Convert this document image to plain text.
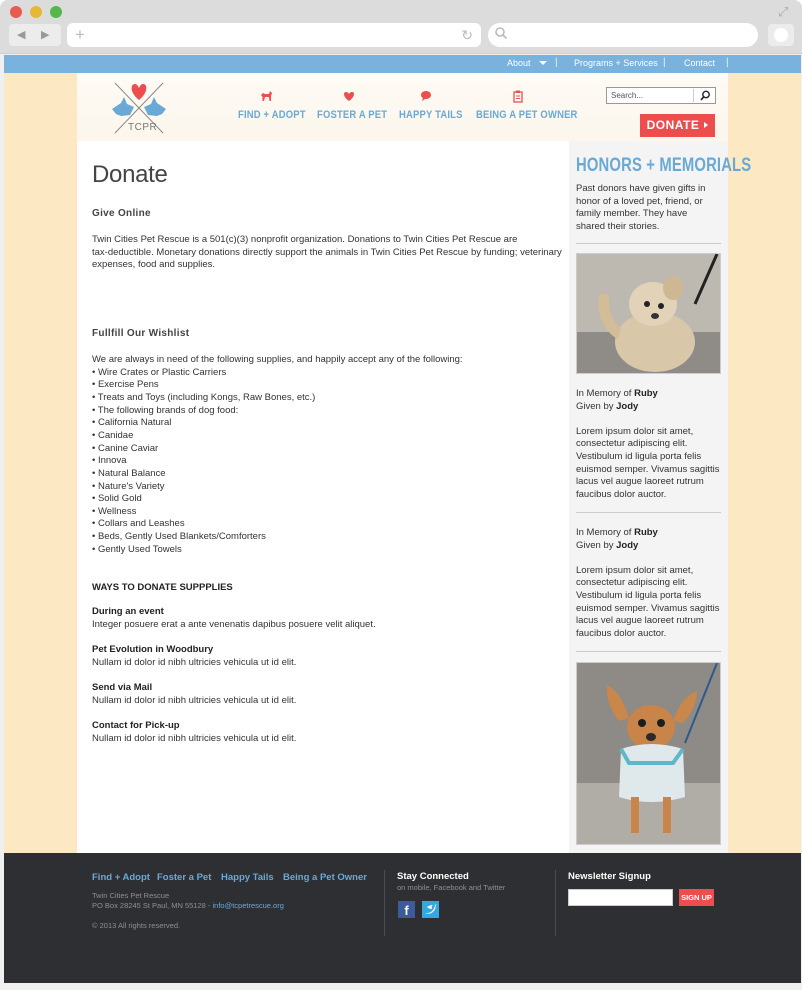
⤢
◀ ▶ +	↻
About	| Programs + Services | Contact |
TCPR
FIND + ADOPT FOSTER A PET HAPPY TAILS BEING A PET OWNER
Search...
DONATE
Donate
Give Online
Twin Cities Pet Rescue is a 501(c)(3) nonprofit organization. Donations to Twin Cities Pet Rescue are
tax-deductible. Monetary donations directly support the animals in Twin Cities Pet Rescue by funding; veterinary
expenses, food and supplies.
Fullfill Our Wishlist
We are always in need of the following supplies, and happily accept any of the following:
• Wire Crates or Plastic Carriers
• Exercise Pens
• Treats and Toys (including Kongs, Raw Bones, etc.)
• The following brands of dog food:
• California Natural
• Canidae
• Canine Caviar
• Innova
• Natural Balance
• Nature's Variety
• Solid Gold
• Wellness
• Collars and Leashes
• Beds, Gently Used Blankets/Comforters
• Gently Used Towels
WAYS TO DONATE SUPPPLIES
During an event
Integer posuere erat a ante venenatis dapibus posuere velit aliquet.
Pet Evolution in Woodbury
Nullam id dolor id nibh ultricies vehicula ut id elit.
Send via Mail
Nullam id dolor id nibh ultricies vehicula ut id elit.
Contact for Pick-up
Nullam id dolor id nibh ultricies vehicula ut id elit.
HONORS + MEMORIALS
Past donors have given gifts in honor of a loved pet, friend, or family member. They have shared their stories.
In Memory of Ruby
Given by Jody
Lorem ipsum dolor sit amet, consectetur adipiscing elit. Vestibulum id ligula porta felis euismod semper. Vivamus sagittis lacus vel augue laoreet rutrum faucibus dolor auctor.
In Memory of Ruby
Given by Jody
Lorem ipsum dolor sit amet, consectetur adipiscing elit. Vestibulum id ligula porta felis euismod semper. Vivamus sagittis lacus vel augue laoreet rutrum faucibus dolor auctor.
Find + Adopt Foster a Pet Happy Tails Being a Pet Owner
Twin Cities Pet Rescue
PO Box 28245 St Paul, MN 55128 - info@tcpetrescue.org
© 2013 All rights reserved.
Stay Connected
on mobile, Facebook and Twitter
f
Newsletter Signup
SIGN UP
